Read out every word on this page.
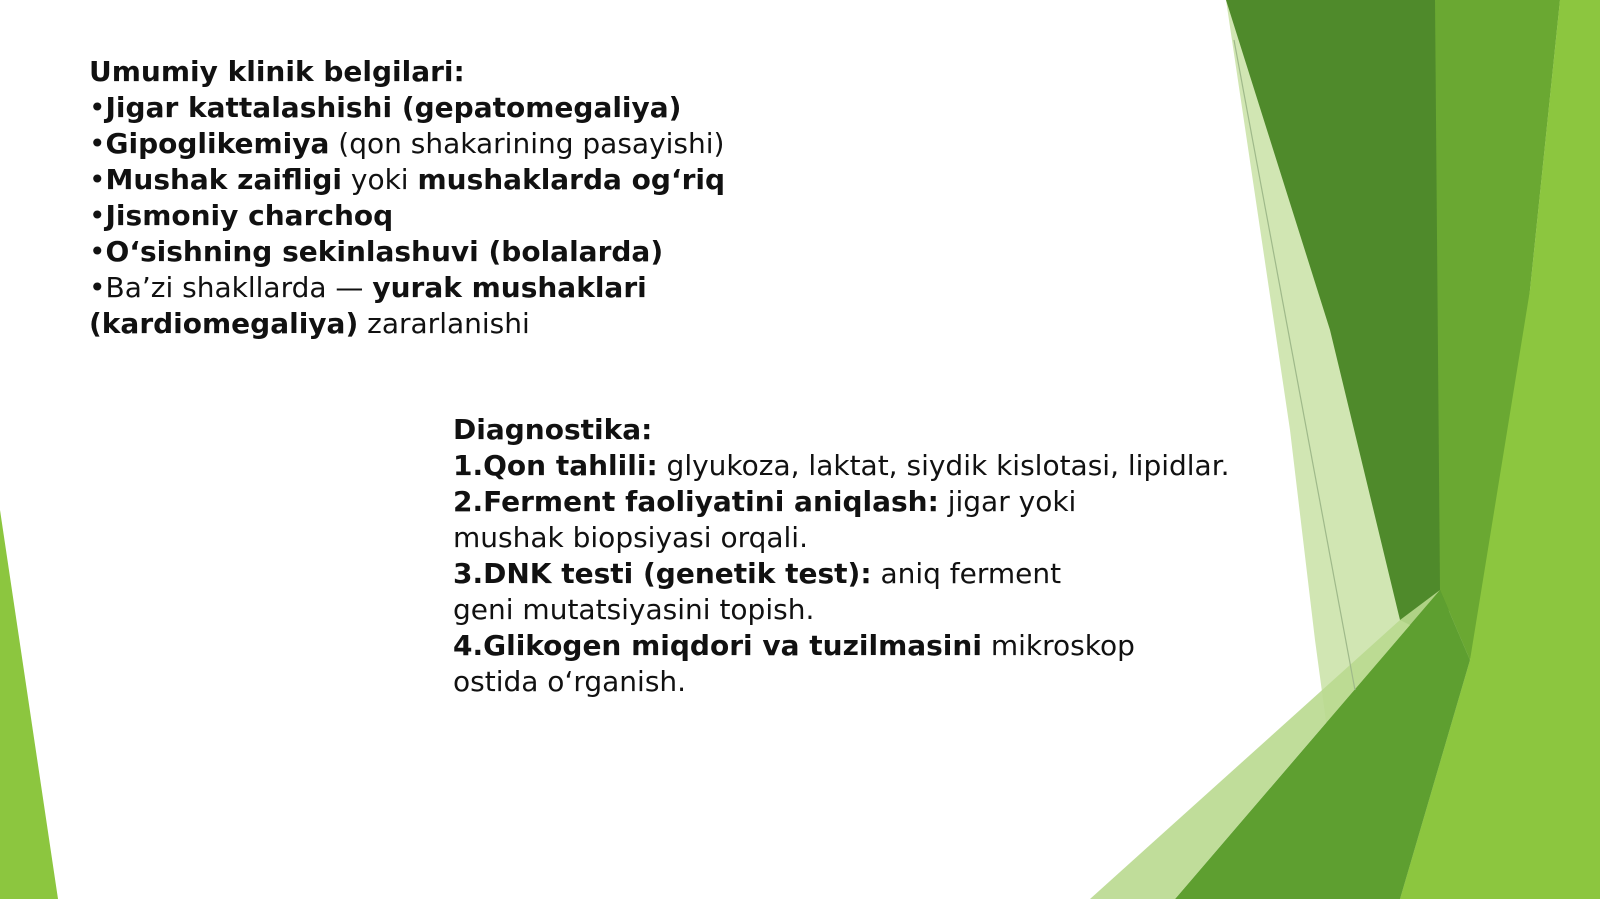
Umumiy klinik belgilari:
•Jigar kattalashishi (gepatomegaliya)
•Gipoglikemiya (qon shakarining pasayishi)
•Mushak zaifligi yoki mushaklarda og‘riq
•Jismoniy charchoq
•O‘sishning sekinlashuvi (bolalarda)
•Ba’zi shakllarda — yurak mushaklari (kardiomegaliya) zararlanishi
Diagnostika:
1.Qon tahlili: glyukoza, laktat, siydik kislotasi, lipidlar.
2.Ferment faoliyatini aniqlash: jigar yoki mushak biopsiyasi orqali.
3.DNK testi (genetik test): aniq ferment geni mutatsiyasini topish.
4.Glikogen miqdori va tuzilmasini mikroskop ostida o‘rganish.
